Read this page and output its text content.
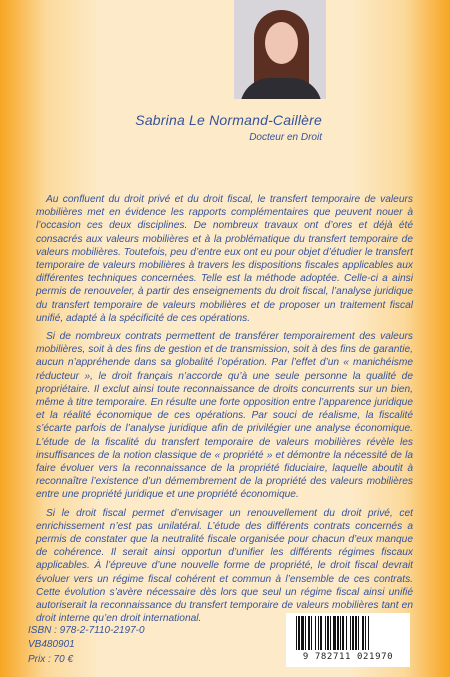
Sabrina Le Normand-Caillère
Docteur en Droit

Au confluent du droit privé et du droit fiscal, le transfert temporaire de valeurs mobilières met en évidence les rapports complémentaires que peuvent nouer à l’occasion ces deux disciplines. De nombreux travaux ont d’ores et déjà été consacrés aux valeurs mobilières et à la problématique du transfert temporaire de valeurs mobilières. Toutefois, peu d’entre eux ont eu pour objet d’étudier le transfert temporaire de valeurs mobilières à travers les dispositions fiscales applicables aux différentes techniques concernées. Telle est la méthode adoptée. Celle-ci a ainsi permis de renouveler, à partir des enseignements du droit fiscal, l’analyse juridique du transfert temporaire de valeurs mobilières et de proposer un traitement fiscal unifié, adapté à la spécificité de ces opérations.

Si de nombreux contrats permettent de transférer temporairement des valeurs mobilières, soit à des fins de gestion et de transmission, soit à des fins de garantie, aucun n’appréhende dans sa globalité l’opération. Par l’effet d’un « manichéisme réducteur », le droit français n’accorde qu’à une seule personne la qualité de propriétaire. Il exclut ainsi toute reconnaissance de droits concurrents sur un bien, même à titre temporaire. En résulte une forte opposition entre l’apparence juridique et la réalité économique de ces opérations. Par souci de réalisme, la fiscalité s’écarte parfois de l’analyse juridique afin de privilégier une analyse économique. L’étude de la fiscalité du transfert temporaire de valeurs mobilières révèle les insuffisances de la notion classique de « propriété » et démontre la nécessité de la faire évoluer vers la reconnaissance de la propriété fiduciaire, laquelle aboutit à reconnaître l’existence d’un démembrement de la propriété des valeurs mobilières entre une propriété juridique et une propriété économique.

Si le droit fiscal permet d’envisager un renouvellement du droit privé, cet enrichissement n’est pas unilatéral. L’étude des différents contrats concernés a permis de constater que la neutralité fiscale organisée pour chacun d’eux manque de cohérence. Il serait ainsi opportun d’unifier les différents régimes fiscaux applicables. À l’épreuve d’une nouvelle forme de propriété, le droit fiscal devrait évoluer vers un régime fiscal cohérent et commun à l’ensemble de ces contrats. Cette évolution s’avère nécessaire dès lors que seul un régime fiscal ainsi unifié autoriserait la reconnaissance du transfert temporaire de valeurs mobilières tant en droit interne qu’en droit international.

ISBN : 978-2-7110-2197-0
VB480901
Prix : 70 €	9 782711 021970
